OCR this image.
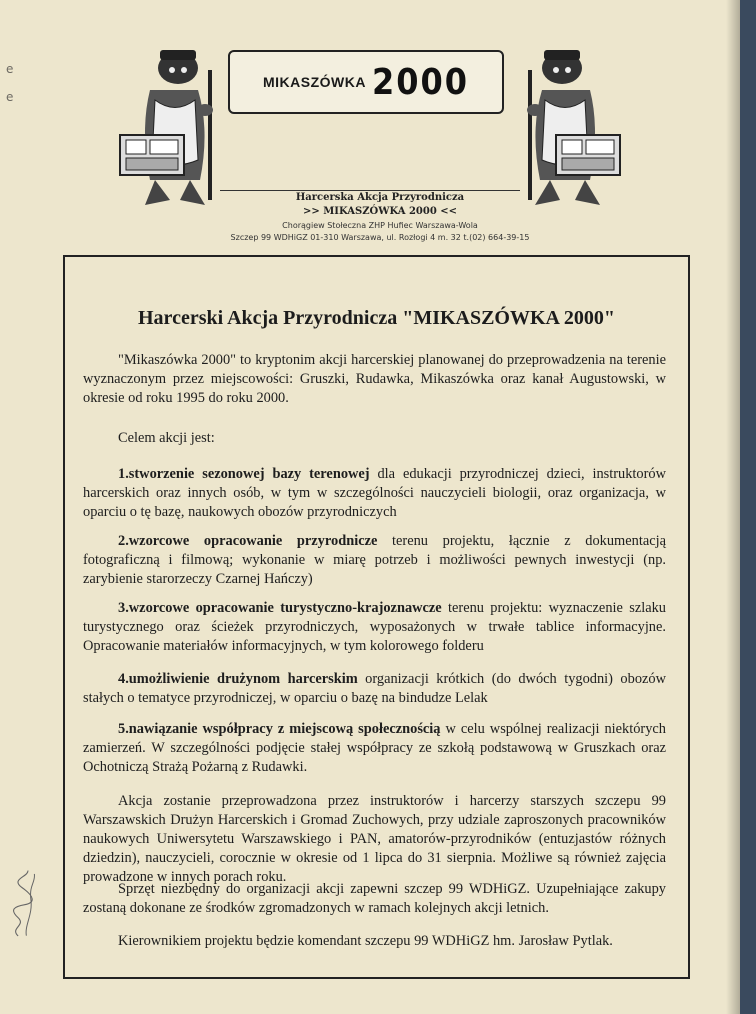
e
e
MIKASZÓWKA 2000
Harcerska Akcja Przyrodnicza
>> MIKASZÓWKA 2000 <<
Chorągiew Stołeczna ZHP Hufiec Warszawa-Wola
Szczep 99 WDHiGZ 01-310 Warszawa, ul. Rozłogi 4 m. 32 t.(02) 664-39-15
Harcerski Akcja Przyrodnicza "MIKASZÓWKA 2000"
"Mikaszówka 2000" to kryptonim akcji harcerskiej planowanej do przeprowadzenia na terenie wyznaczonym przez miejscowości: Gruszki, Rudawka, Mikaszówka oraz kanał Augustowski, w okresie od roku 1995 do roku 2000.
Celem akcji jest:
1.stworzenie sezonowej bazy terenowej dla edukacji przyrodniczej dzieci, instruktorów harcerskich oraz innych osób, w tym w szczególności nauczycieli biologii, oraz organizacja, w oparciu o tę bazę, naukowych obozów przyrodniczych
2.wzorcowe opracowanie przyrodnicze terenu projektu, łącznie z dokumentacją fotograficzną i filmową; wykonanie w miarę potrzeb i możliwości pewnych inwestycji (np. zarybienie starorzeczy Czarnej Hańczy)
3.wzorcowe opracowanie turystyczno-krajoznawcze terenu projektu: wyznaczenie szlaku turystycznego oraz ścieżek przyrodniczych, wyposażonych w trwałe tablice informacyjne. Opracowanie materiałów informacyjnych, w tym kolorowego folderu
4.umożliwienie drużynom harcerskim organizacji krótkich (do dwóch tygodni) obozów stałych o tematyce przyrodniczej, w oparciu o bazę na bindudze Lelak
5.nawiązanie współpracy z miejscową społecznością w celu wspólnej realizacji niektórych zamierzeń. W szczególności podjęcie stałej współpracy ze szkołą podstawową w Gruszkach oraz Ochotniczą Strażą Pożarną z Rudawki.
Akcja zostanie przeprowadzona przez instruktorów i harcerzy starszych szczepu 99 Warszawskich Drużyn Harcerskich i Gromad Zuchowych, przy udziale zaproszonych pracowników naukowych Uniwersytetu Warszawskiego i PAN, amatorów-przyrodników (entuzjastów różnych dziedzin), nauczycieli, corocznie w okresie od 1 lipca do 31 sierpnia. Możliwe są również zajęcia prowadzone w innych porach roku.
Sprzęt niezbędny do organizacji akcji zapewni szczep 99 WDHiGZ. Uzupełniające zakupy zostaną dokonane ze środków zgromadzonych w ramach kolejnych akcji letnich.
Kierownikiem projektu będzie komendant szczepu 99 WDHiGZ hm. Jarosław Pytlak.
